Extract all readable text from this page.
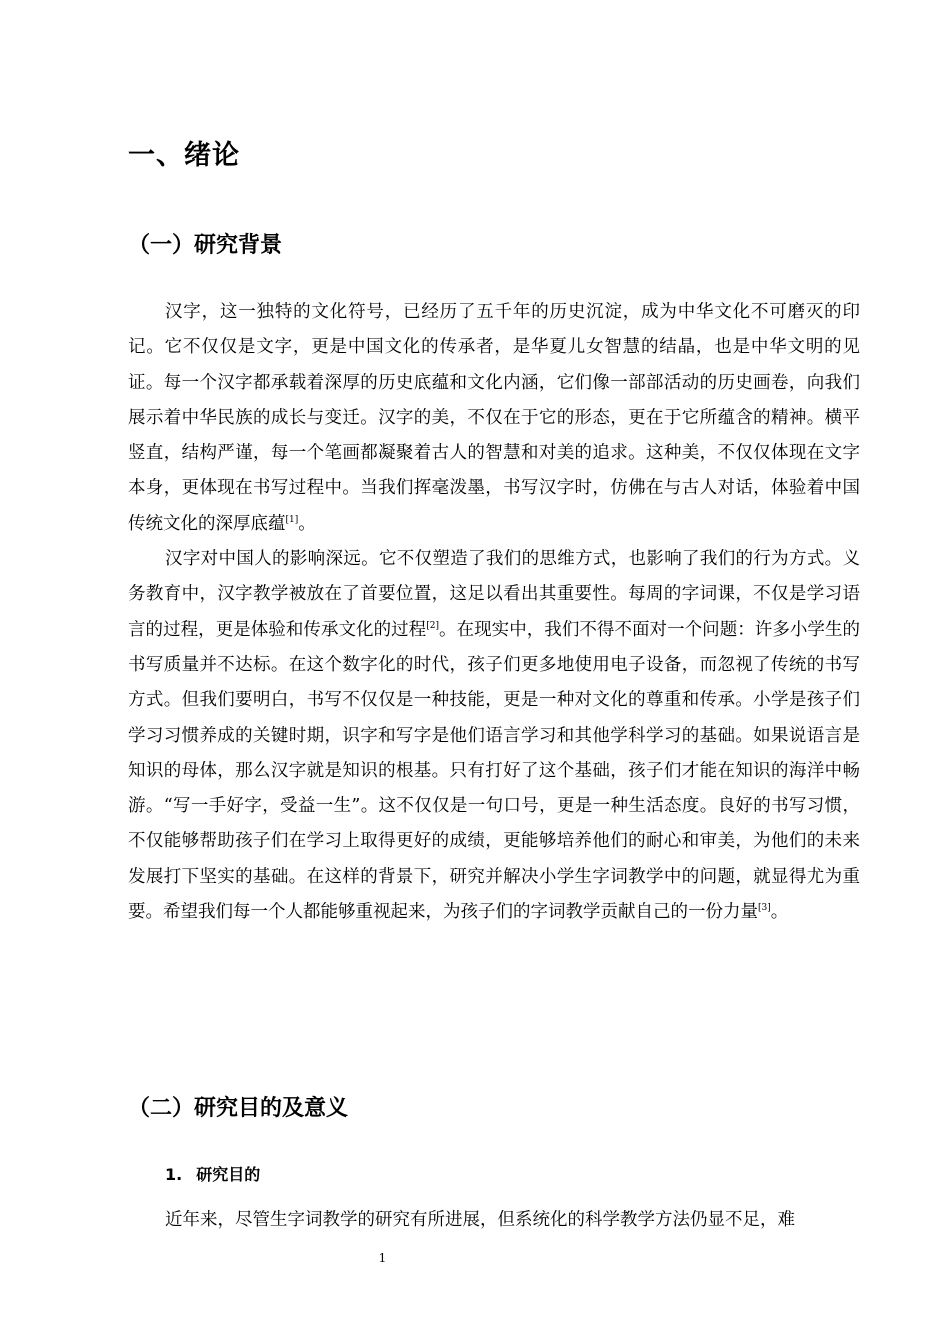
一、绪论
（一）研究背景

汉字，这一独特的文化符号，已经历了五千年的历史沉淀，成为中华文化不可磨灭的印记。它不仅仅是文字，更是中国文化的传承者，是华夏儿女智慧的结晶，也是中华文明的见证。每一个汉字都承载着深厚的历史底蕴和文化内涵，它们像一部部活动的历史画卷，向我们展示着中华民族的成长与变迁。汉字的美，不仅在于它的形态，更在于它所蕴含的精神。横平竖直，结构严谨，每一个笔画都凝聚着古人的智慧和对美的追求。这种美，不仅仅体现在文字本身，更体现在书写过程中。当我们挥毫泼墨，书写汉字时，仿佛在与古人对话，体验着中国传统文化的深厚底蕴[1]。

汉字对中国人的影响深远。它不仅塑造了我们的思维方式，也影响了我们的行为方式。义务教育中，汉字教学被放在了首要位置，这足以看出其重要性。每周的字词课，不仅是学习语言的过程，更是体验和传承文化的过程[2]。在现实中，我们不得不面对一个问题：许多小学生的书写质量并不达标。在这个数字化的时代，孩子们更多地使用电子设备，而忽视了传统的书写方式。但我们要明白，书写不仅仅是一种技能，更是一种对文化的尊重和传承。小学是孩子们学习习惯养成的关键时期，识字和写字是他们语言学习和其他学科学习的基础。如果说语言是知识的母体，那么汉字就是知识的根基。只有打好了这个基础，孩子们才能在知识的海洋中畅游。“写一手好字，受益一生”。这不仅仅是一句口号，更是一种生活态度。良好的书写习惯，不仅能够帮助孩子们在学习上取得更好的成绩，更能够培养他们的耐心和审美，为他们的未来发展打下坚实的基础。在这样的背景下，研究并解决小学生字词教学中的问题，就显得尤为重要。希望我们每一个人都能够重视起来，为孩子们的字词教学贡献自己的一份力量[3]。

（二）研究目的及意义
1. 研究目的

近年来，尽管生字词教学的研究有所进展，但系统化的科学教学方法仍显不足，难

1
